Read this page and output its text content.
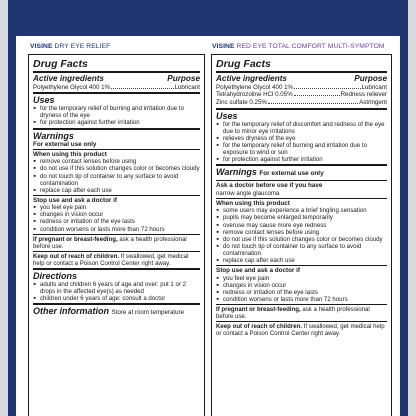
VISINE DRY EYE RELIEF	VISINE RED EYE TOTAL COMFORT MULTI-SYMPTOM
Drug Facts
Active ingredients	Purpose
Polyethylene Glycol 400 1%	Lubricant
Uses
■ for the temporary relief of burning and irritation due to dryness of the eye
■ for protection against further irritation
Warnings
For external use only
When using this product
■ remove contact lenses before using
■ do not use if this solution changes color or becomes cloudy
■ do not touch tip of container to any surface to avoid contamination
■ replace cap after each use
Stop use and ask a doctor if
■ you feel eye pain
■ changes in vision occur
■ redness or irritation of the eye lasts
■ condition worsens or lasts more than 72 hours
If pregnant or breast-feeding, ask a health professional before use.
Keep out of reach of children. If swallowed, get medical help or contact a Poison Control Center right away.
Directions
■ adults and children 6 years of age and over: put 1 or 2 drops in the affected eye(s) as needed
■ children under 6 years of age: consult a doctor
Other information Store at room temperature
Drug Facts
Active ingredients	Purpose
Polyethylene Glycol 400 1%	Lubricant
Tetrahydrozoline HCl 0.05%	Redness reliever
Zinc sulfate 0.25%	Astringent
Uses
■ for the temporary relief of discomfort and redness of the eye due to minor eye irritations
■ relieves dryness of the eye
■ for the temporary relief of burning and irritation due to exposure to wind or sun
■ for protection against further irritation
Warnings For external use only
Ask a doctor before use if you have
narrow angle glaucoma
When using this product
■ some users may experience a brief tingling sensation
■ pupils may become enlarged temporarily
■ overuse may cause more eye redness
■ remove contact lenses before using
■ do not use if this solution changes color or becomes cloudy
■ do not touch tip of container to any surface to avoid contamination
■ replace cap after each use
Stop use and ask a doctor if
■ you feel eye pain
■ changes in vision occur
■ redness or irritation of the eye lasts
■ condition worsens or lasts more than 72 hours
If pregnant or breast-feeding, ask a health professional before use.
Keep out of reach of children. If swallowed, get medical help or contact a Poison Control Center right away.
